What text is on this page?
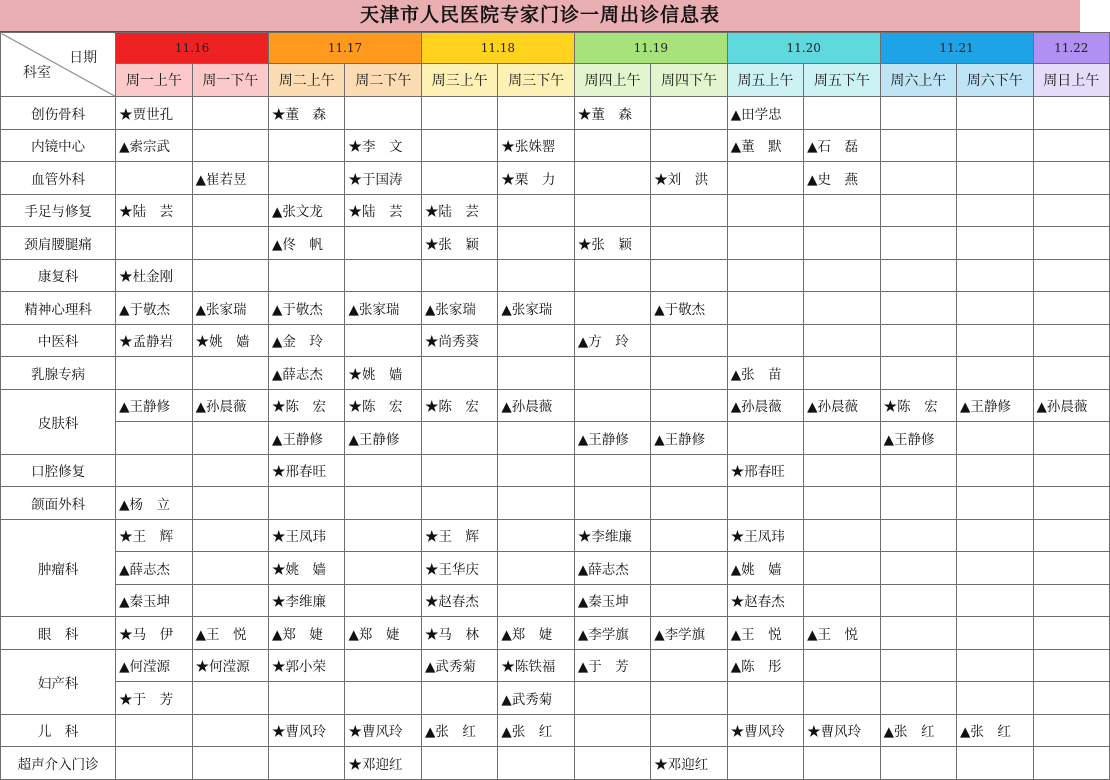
天津市人民医院专家门诊一周出诊信息表
日期
科室	11.16		11.17		11.18		11.19		11.20		11.21		11.22
	周一上午	周一下午	周二上午	周二下午	周三上午	周三下午	周四上午	周四下午	周五上午	周五下午	周六上午	周六下午	周日上午
创伤骨科	★贾世孔		★董　森				★董　森		▲田学忠				
内镜中心	▲索宗武			★李　文		★张姝罂			▲董　默	▲石　磊			
血管外科		▲崔若昱		★于国涛		★栗　力		★刘　洪		▲史　燕			
手足与修复	★陆　芸		▲张文龙	★陆　芸	★陆　芸								
颈肩腰腿痛			▲佟　帆		★张　颖		★张　颖						
康复科	★杜金刚												
精神心理科	▲于敬杰	▲张家瑞	▲于敬杰	▲张家瑞	▲张家瑞	▲张家瑞		▲于敬杰					
中医科	★孟静岩	★姚　嫱	▲金　玲		★尚秀葵		▲方　玲						
乳腺专病			▲薛志杰	★姚　嫱					▲张　苗				
皮肤科	▲王静修	▲孙晨薇	★陈　宏	★陈　宏	★陈　宏	▲孙晨薇			▲孙晨薇	▲孙晨薇	★陈　宏	▲王静修	▲孙晨薇
			▲王静修	▲王静修			▲王静修	▲王静修			▲王静修		
口腔修复			★邢春旺						★邢春旺				
颌面外科	▲杨　立												
肿瘤科	★王　辉		★王凤玮		★王　辉		★李维廉		★王凤玮				
	▲薛志杰		★姚　嫱		★王华庆		▲薛志杰		▲姚　嫱				
	▲秦玉坤		★李维廉		★赵春杰		▲秦玉坤		★赵春杰				
眼　科	★马　伊	▲王　悦	▲郑　婕	▲郑　婕	★马　林	▲郑　婕	▲李学旗	▲李学旗	▲王　悦	▲王　悦			
妇产科	▲何滢源	★何滢源	★郭小荣		▲武秀菊	★陈铁福	▲于　芳		▲陈　彤				
	★于　芳					▲武秀菊							
儿　科			★曹风玲	★曹风玲	▲张　红	▲张　红			★曹风玲	★曹风玲	▲张　红	▲张　红	
超声介入门诊				★邓迎红				★邓迎红					
